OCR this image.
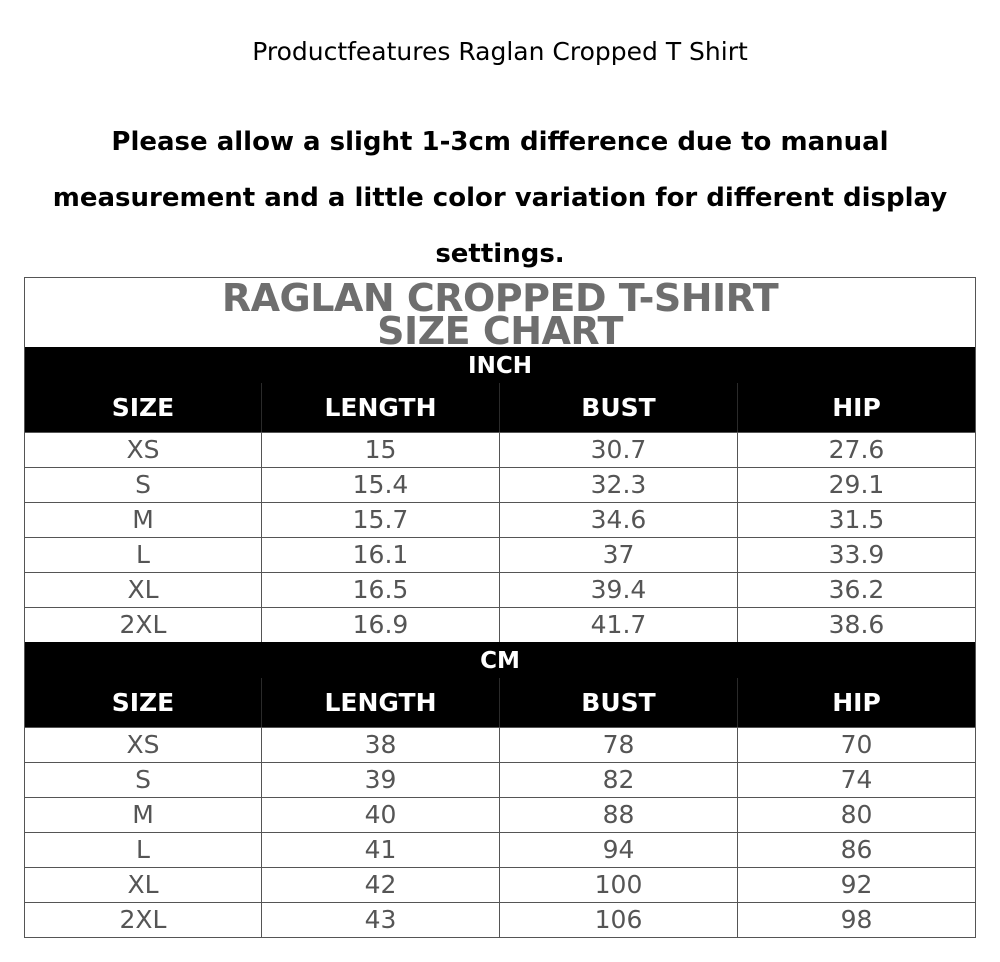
Productfeatures Raglan Cropped T Shirt
Please allow a slight 1-3cm difference due to manual
measurement and a little color variation for different display
settings.
RAGLAN CROPPED T-SHIRT
SIZE CHART
INCH
SIZE	LENGTH	BUST	HIP
XS	15	30.7	27.6
S	15.4	32.3	29.1
M	15.7	34.6	31.5
L	16.1	37	33.9
XL	16.5	39.4	36.2
2XL	16.9	41.7	38.6
CM
SIZE	LENGTH	BUST	HIP
XS	38	78	70
S	39	82	74
M	40	88	80
L	41	94	86
XL	42	100	92
2XL	43	106	98
